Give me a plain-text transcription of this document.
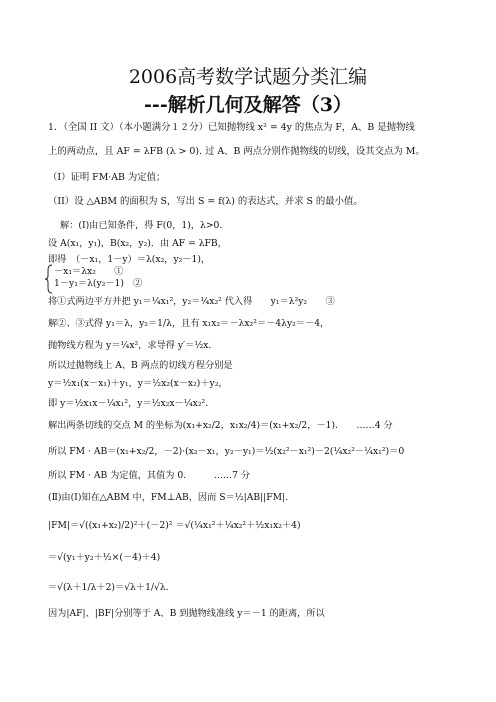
2006高考数学试题分类汇编
---解析几何及解答（3）
1．（全国 II 文）（本小题满分１２分）已知抛物线 x² = 4y 的焦点为 F，A、B 是抛物线
上的两动点，且 AF = λFB (λ > 0). 过 A、B 两点分别作抛物线的切线，设其交点为 M。
（I）证明 FM·AB 为定值；
（II）设 △ABM 的面积为 S，写出 S = f(λ) 的表达式，并求 S 的最小值。
解：(Ⅰ)由已知条件，得 F(0，1)，λ>0.
设 A(x₁，y₁)，B(x₂，y₂)．由 AF = λFB，
即得　（－x₁，1－y）＝λ(x₂，y₂－1)，
－x₁＝λx₂　　①
1－y₁＝λ(y₂－1)　②
将①式两边平方并把 y₁＝¼x₁²，y₂＝¼x₂² 代入得　　y₁＝λ²y₂　　③
解②、③式得 y₁＝λ，y₂＝1/λ，且有 x₁x₂＝－λx₂²＝－4λy₂＝－4，
抛物线方程为 y＝¼x²，求导得 y′＝½x.
所以过抛物线上 A、B 两点的切线方程分别是
y＝½x₁(x－x₁)＋y₁，y＝½x₂(x－x₂)＋y₂，
即 y＝½x₁x－¼x₁²，y＝½x₂x－¼x₂².
解出两条切线的交点 M 的坐标为(x₁+x₂/2，x₁x₂/4)＝(x₁+x₂/2，－1).　　……4 分
所以 FM · AB＝(x₁+x₂/2，－2)·(x₂－x₁，y₂－y₁)＝½(x₂²－x₁²)－2(¼x₂²－¼x₁²)＝0
所以 FM · AB 为定值，其值为 0.　　　……7 分
(Ⅱ)由(Ⅰ)知在△ABM 中，FM⊥AB，因而 S＝½|AB||FM|.
|FM|＝√((x₁+x₂)/2)²＋(－2)² ＝√(¼x₁²＋¼x₂²＋½x₁x₂＋4)
＝√(y₁＋y₂＋½×(－4)＋4)
＝√(λ＋1/λ＋2)＝√λ＋1/√λ.
因为|AF|、|BF|分别等于 A、B 到抛物线准线 y＝－1 的距离，所以
